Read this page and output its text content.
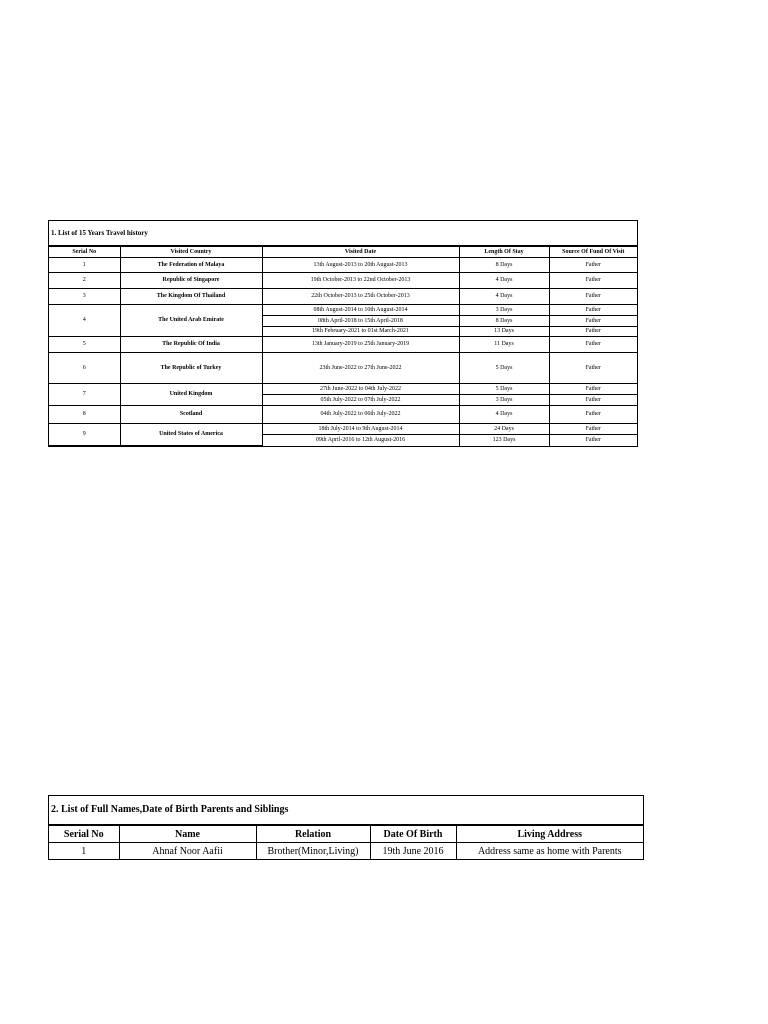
1. List of 15 Years Travel history
Serial No	Visited Country	Visited Date	Length Of Stay	Source Of Fund Of Visit
1	The Federation of Malaya	13th August-2013 to 20th August-2013	8 Days	Father
2	Republic of Singapore	19th October-2013 to 22nd October-2013	4 Days	Father
3	The Kingdom Of Thailand	22th October-2013 to 25th October-2013	4 Days	Father
4	The United Arab Emirate	08th August-2014 to 10th August-2014	3 Days	Father
		08th April-2018 to 15th April-2018	8 Days	Father
		19th February-2021 to 01st March-2021	13 Days	Father
5	The Republic Of India	13th January-2019 to 25th January-2019	11 Days	Father
6	The Republic of Turkey	23th June-2022 to 27th June-2022	5 Days	Father
7	United Kingdom	27th June-2022 to 04th July-2022	5 Days	Father
		05th July-2022 to 07th July-2022	3 Days	Father
8	Scotland	04th July-2022 to 06th July-2022	4 Days	Father
9	United States of America	18th July-2014 to 9th August-2014	24 Days	Father
		09th April-2016 to 12th August-2016	123 Days	Father
2. List of Full Names,Date of Birth Parents and Siblings
Serial No	Name	Relation	Date Of Birth	Living Address
1	Ahnaf Noor Aafii	Brother(Minor,Living)	19th June 2016	Address same as home with Parents
